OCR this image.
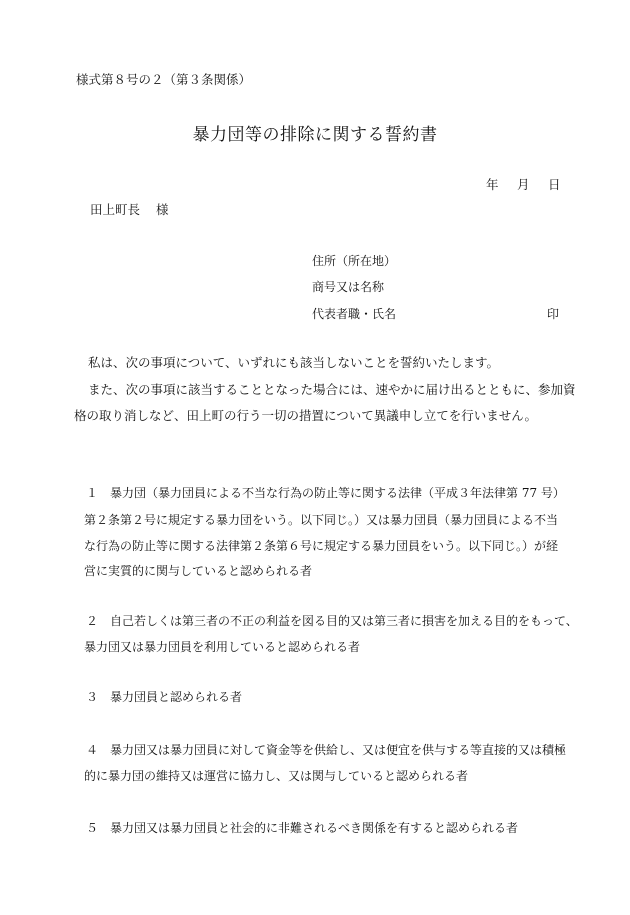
様式第８号の２（第３条関係）
暴力団等の排除に関する誓約書
年 月 日
田上町長 様
住所（所在地）
商号又は名称
代表者職・氏名	印
私は、次の事項について、いずれにも該当しないことを誓約いたします。
また、次の事項に該当することとなった場合には、速やかに届け出るとともに、参加資
格の取り消しなど、田上町の行う一切の措置について異議申し立てを行いません。
１　暴力団（暴力団員による不当な行為の防止等に関する法律（平成３年法律第 77 号）
第２条第２号に規定する暴力団をいう。以下同じ。）又は暴力団員（暴力団員による不当
な行為の防止等に関する法律第２条第６号に規定する暴力団員をいう。以下同じ。）が経
営に実質的に関与していると認められる者
２　自己若しくは第三者の不正の利益を図る目的又は第三者に損害を加える目的をもって、
暴力団又は暴力団員を利用していると認められる者
３　暴力団員と認められる者
４　暴力団又は暴力団員に対して資金等を供給し、又は便宜を供与する等直接的又は積極
的に暴力団の維持又は運営に協力し、又は関与していると認められる者
５　暴力団又は暴力団員と社会的に非難されるべき関係を有すると認められる者
